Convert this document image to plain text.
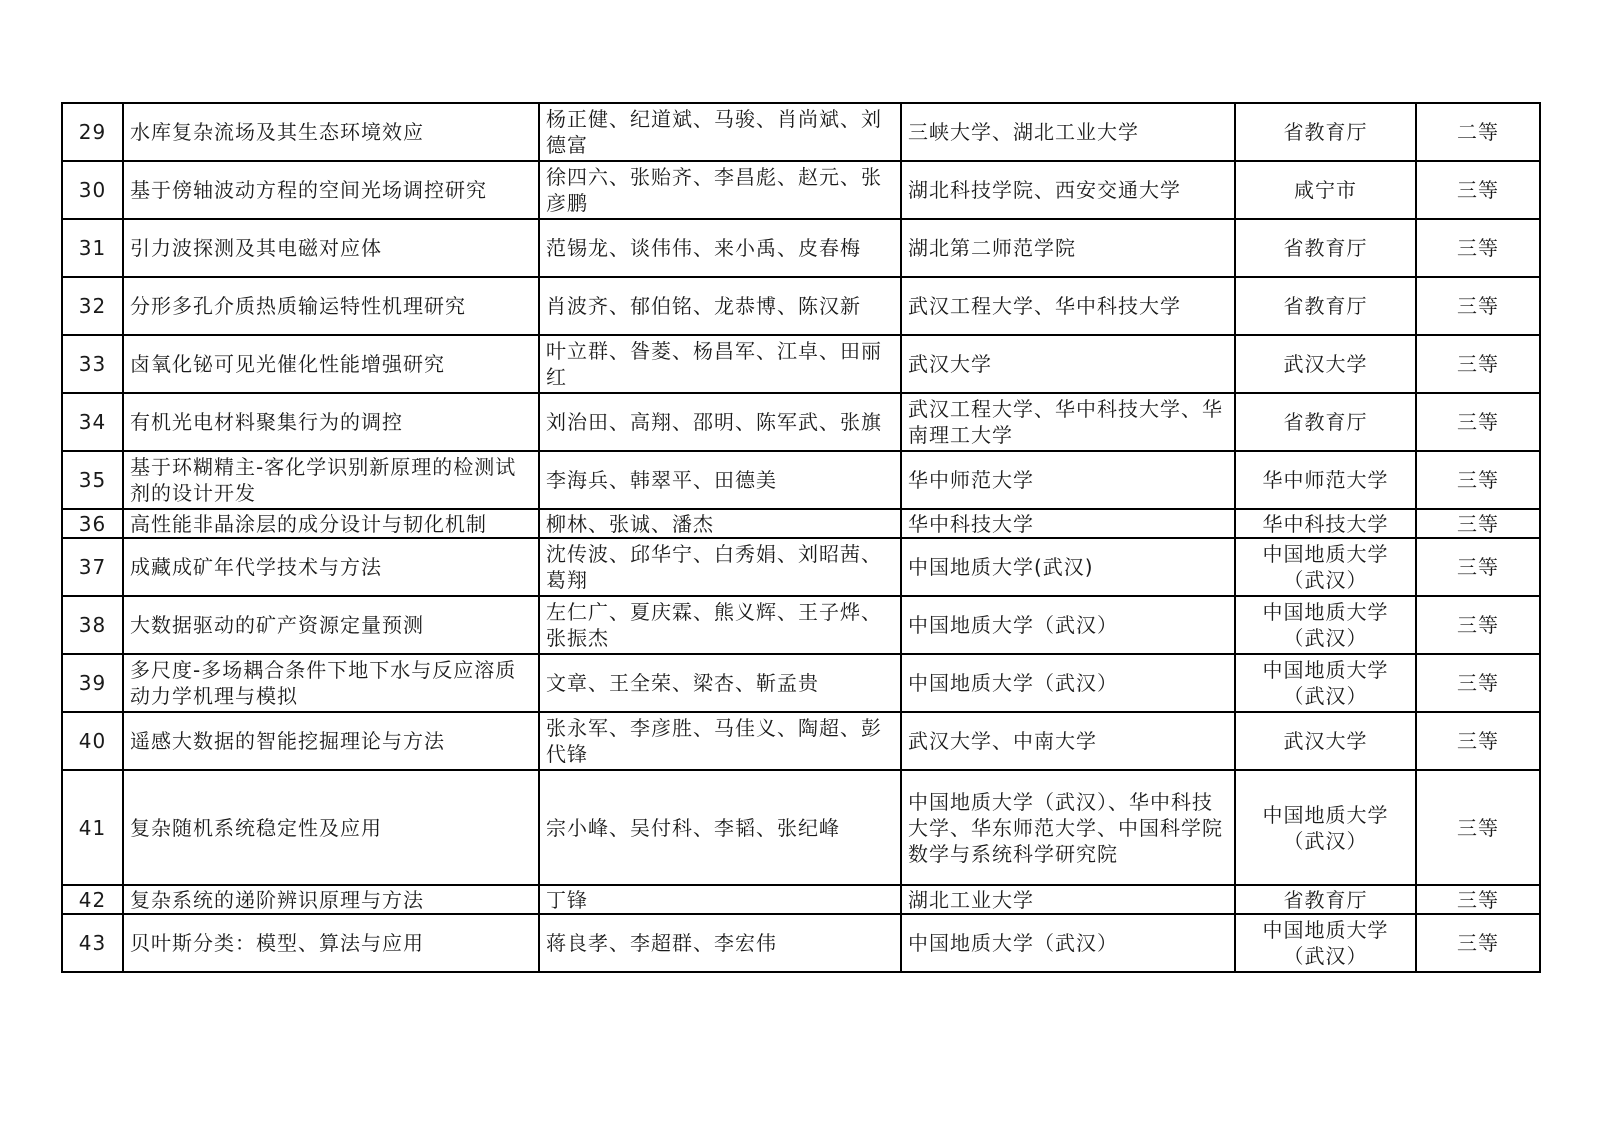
29	水库复杂流场及其生态环境效应	杨正健、纪道斌、马骏、肖尚斌、刘德富	三峡大学、湖北工业大学	省教育厅	二等
30	基于傍轴波动方程的空间光场调控研究	徐四六、张贻齐、李昌彪、赵元、张彦鹏	湖北科技学院、西安交通大学	咸宁市	三等
31	引力波探测及其电磁对应体	范锡龙、谈伟伟、来小禹、皮春梅	湖北第二师范学院	省教育厅	三等
32	分形多孔介质热质输运特性机理研究	肖波齐、郁伯铭、龙恭博、陈汉新	武汉工程大学、华中科技大学	省教育厅	三等
33	卤氧化铋可见光催化性能增强研究	叶立群、昝菱、杨昌军、江卓、田丽红	武汉大学	武汉大学	三等
34	有机光电材料聚集行为的调控	刘治田、高翔、邵明、陈军武、张旗	武汉工程大学、华中科技大学、华南理工大学	省教育厅	三等
35	基于环糊精主-客化学识别新原理的检测试剂的设计开发	李海兵、韩翠平、田德美	华中师范大学	华中师范大学	三等
36	高性能非晶涂层的成分设计与韧化机制	柳林、张诚、潘杰	华中科技大学	华中科技大学	三等
37	成藏成矿年代学技术与方法	沈传波、邱华宁、白秀娟、刘昭茜、葛翔	中国地质大学(武汉)	中国地质大学（武汉）	三等
38	大数据驱动的矿产资源定量预测	左仁广、夏庆霖、熊义辉、王子烨、张振杰	中国地质大学（武汉）	中国地质大学（武汉）	三等
39	多尺度-多场耦合条件下地下水与反应溶质动力学机理与模拟	文章、王全荣、梁杏、靳孟贵	中国地质大学（武汉）	中国地质大学（武汉）	三等
40	遥感大数据的智能挖掘理论与方法	张永军、李彦胜、马佳义、陶超、彭代锋	武汉大学、中南大学	武汉大学	三等
41	复杂随机系统稳定性及应用	宗小峰、吴付科、李韬、张纪峰	中国地质大学（武汉）、华中科技大学、华东师范大学、中国科学院数学与系统科学研究院	中国地质大学（武汉）	三等
42	复杂系统的递阶辨识原理与方法	丁锋	湖北工业大学	省教育厅	三等
43	贝叶斯分类：模型、算法与应用	蒋良孝、李超群、李宏伟	中国地质大学（武汉）	中国地质大学（武汉）	三等
